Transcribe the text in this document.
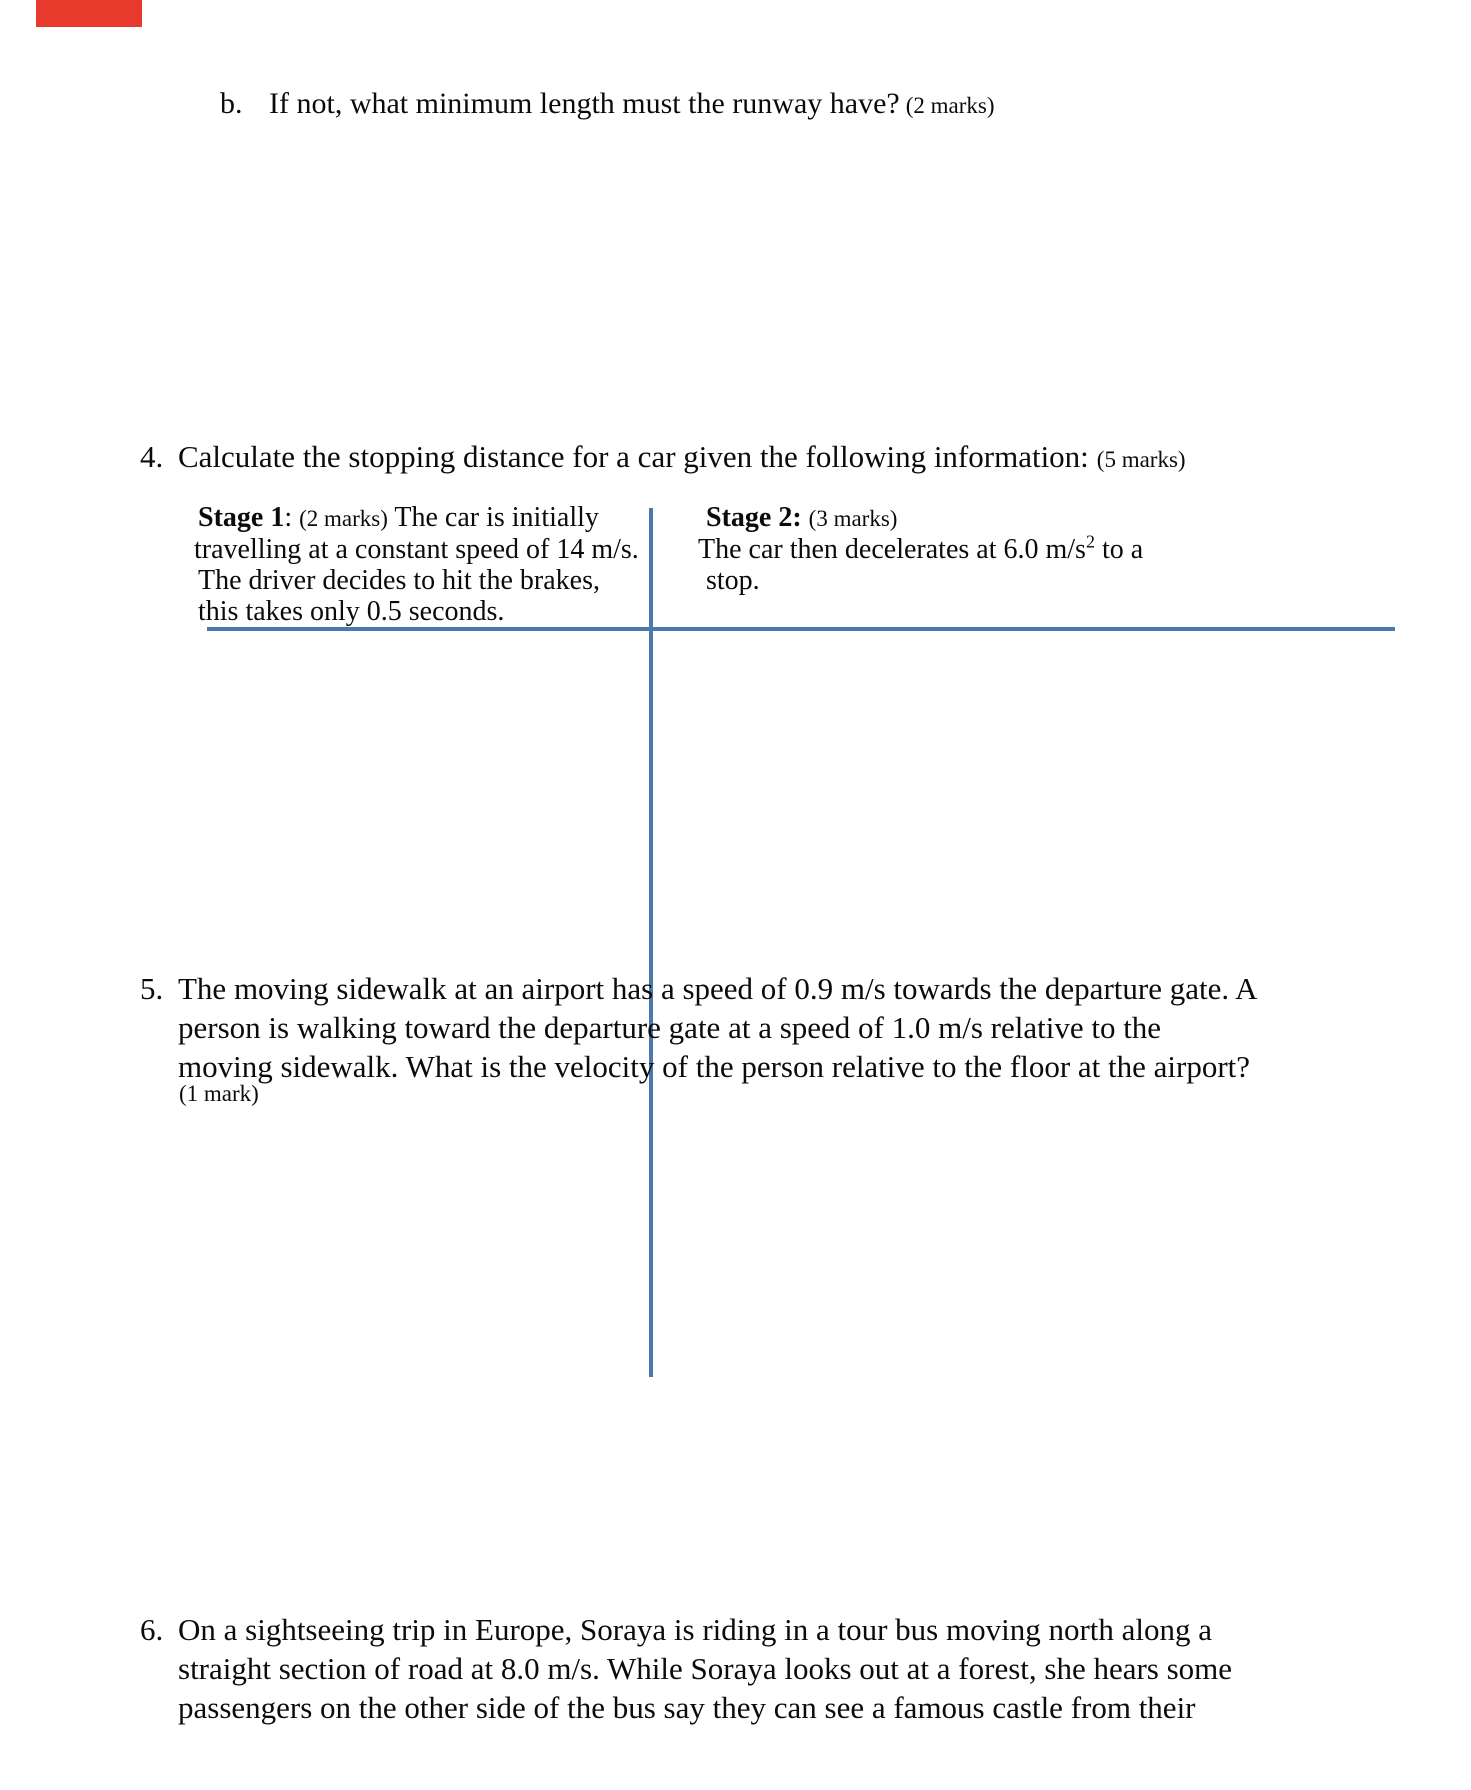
b. If not, what minimum length must the runway have? (2 marks)
4. Calculate the stopping distance for a car given the following information: (5 marks)
Stage 1: (2 marks) The car is initially
travelling at a constant speed of 14 m/s.
The driver decides to hit the brakes,
this takes only 0.5 seconds.
Stage 2: (3 marks)
The car then decelerates at 6.0 $m/s^2$ to a
stop.
5. The moving sidewalk at an airport has a speed of 0.9 m/s towards the departure gate. A
person is walking toward the departure gate at a speed of 1.0 m/s relative to the
moving sidewalk. What is the velocity of the person relative to the floor at the airport?
(1 mark)
6. On a sightseeing trip in Europe, Soraya is riding in a tour bus moving north along a
straight section of road at 8.0 m/s. While Soraya looks out at a forest, she hears some
passengers on the other side of the bus say they can see a famous castle from their
